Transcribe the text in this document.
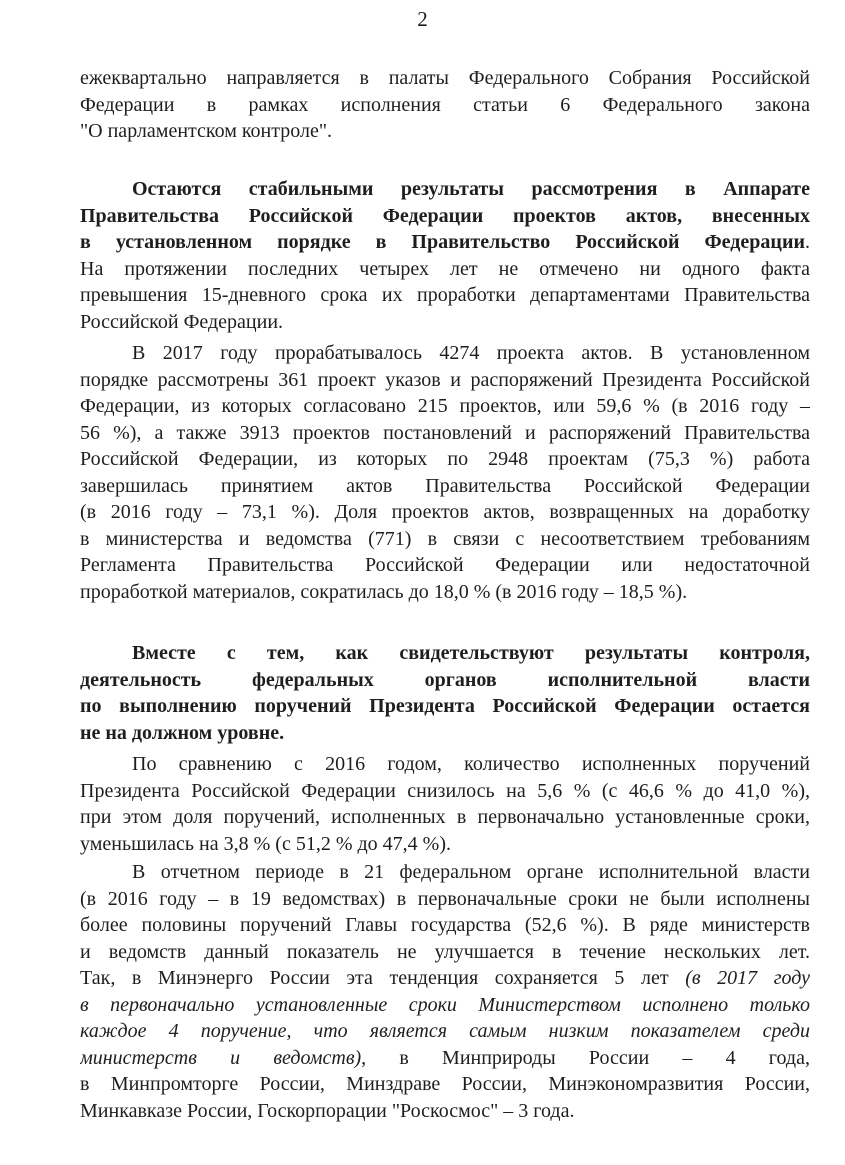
2
ежеквартально направляется в палаты Федерального Собрания Российской
Федерации в рамках исполнения статьи 6 Федерального закона
"О парламентском контроле".
Остаются стабильными результаты рассмотрения в Аппарате
Правительства Российской Федерации проектов актов, внесенных
в установленном порядке в Правительство Российской Федерации.
На протяжении последних четырех лет не отмечено ни одного факта
превышения 15-дневного срока их проработки департаментами Правительства
Российской Федерации.
В 2017 году прорабатывалось 4274 проекта актов. В установленном
порядке рассмотрены 361 проект указов и распоряжений Президента Российской
Федерации, из которых согласовано 215 проектов, или 59,6 % (в 2016 году –
56 %), а также 3913 проектов постановлений и распоряжений Правительства
Российской Федерации, из которых по 2948 проектам (75,3 %) работа
завершилась принятием актов Правительства Российской Федерации
(в 2016 году – 73,1 %). Доля проектов актов, возвращенных на доработку
в министерства и ведомства (771) в связи с несоответствием требованиям
Регламента Правительства Российской Федерации или недостаточной
проработкой материалов, сократилась до 18,0 % (в 2016 году – 18,5 %).
Вместе с тем, как свидетельствуют результаты контроля,
деятельность федеральных органов исполнительной власти
по выполнению поручений Президента Российской Федерации остается
не на должном уровне.
По сравнению с 2016 годом, количество исполненных поручений
Президента Российской Федерации снизилось на 5,6 % (с 46,6 % до 41,0 %),
при этом доля поручений, исполненных в первоначально установленные сроки,
уменьшилась на 3,8 % (с 51,2 % до 47,4 %).
В отчетном периоде в 21 федеральном органе исполнительной власти
(в 2016 году – в 19 ведомствах) в первоначальные сроки не были исполнены
более половины поручений Главы государства (52,6 %). В ряде министерств
и ведомств данный показатель не улучшается в течение нескольких лет.
Так, в Минэнерго России эта тенденция сохраняется 5 лет (в 2017 году
в первоначально установленные сроки Министерством исполнено только
каждое 4 поручение, что является самым низким показателем среди
министерств и ведомств), в Минприроды России – 4 года,
в Минпромторге России, Минздраве России, Минэкономразвития России,
Минкавказе России, Госкорпорации "Роскосмос" – 3 года.
